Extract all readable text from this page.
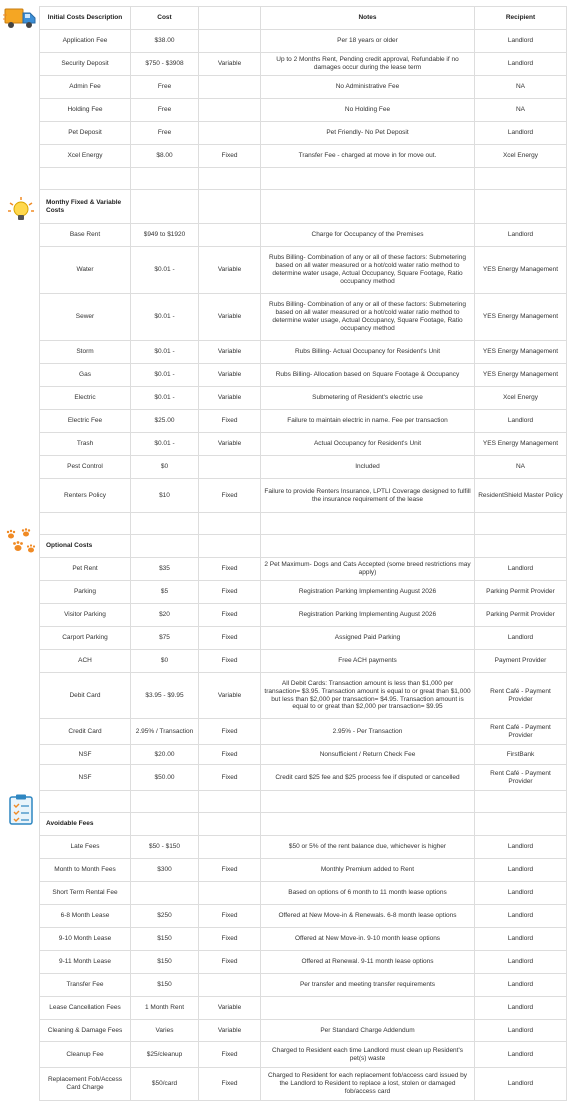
Initial Costs Description	Cost		Notes	Recipient
Application Fee	$38.00		Per 18 years or older	Landlord
Security Deposit	$750 - $3908	Variable	Up to 2 Months Rent, Pending credit approval, Refundable if no damages occur during the lease term	Landlord
Admin Fee	Free		No Administrative Fee	NA
Holding Fee	Free		No Holding Fee	NA
Pet Deposit	Free		Pet Friendly- No Pet Deposit	Landlord
Xcel Energy	$8.00	Fixed	Transfer Fee - charged at move in for move out.	Xcel Energy

Monthy Fixed & Variable Costs				
Base Rent	$949 to $1920		Charge for Occupancy of the Premises	Landlord
Water	$0.01 -	Variable	Rubs Billing- Combination of any or all of these factors: Submetering based on all water measured or a hot/cold water ratio method to determine water usage, Actual Occupancy, Square Footage, Ratio occupancy method	YES Energy Management
Sewer	$0.01 -	Variable	Rubs Billing- Combination of any or all of these factors: Submetering based on all water measured or a hot/cold water ratio method to determine water usage, Actual Occupancy, Square Footage, Ratio occupancy method	YES Energy Management
Storm	$0.01 -	Variable	Rubs Billing- Actual Occupancy for Resident's Unit	YES Energy Management
Gas	$0.01 -	Variable	Rubs Billing- Allocation based on Square Footage & Occupancy	YES Energy Management
Electric	$0.01 -	Variable	Submetering of Resident's electric use	Xcel Energy
Electric Fee	$25.00	Fixed	Failure to maintain electric in name. Fee per transaction	Landlord
Trash	$0.01 -	Variable	Actual Occupancy for Resident's Unit	YES Energy Management
Pest Control	$0		Included	NA
Renters Policy	$10	Fixed	Failure to provide Renters Insurance, LPTLI Coverage designed to fulfill the insurance requirement of the lease	ResidentShield Master Policy

Optional Costs				
Pet Rent	$35	Fixed	2 Pet Maximum- Dogs and Cats Accepted (some breed restrictions may apply)	Landlord
Parking	$5	Fixed	Registration Parking Implementing August 2026	Parking Permit Provider
Visitor Parking	$20	Fixed	Registration Parking Implementing August 2026	Parking Permit Provider
Carport Parking	$75	Fixed	Assigned Paid Parking	Landlord
ACH	$0	Fixed	Free ACH payments	Payment Provider
Debit Card	$3.95 - $9.95	Variable	All Debit Cards: Transaction amount is less than $1,000 per transaction= $3.95. Transaction amount is equal to or great than $1,000 but less than $2,000 per transaction= $4.95. Transaction amount is equal to or great than $2,000 per transaction= $9.95	Rent Café - Payment Provider
Credit Card	2.95% / Transaction	Fixed	2.95% - Per Transaction	Rent Café - Payment Provider
NSF	$20.00	Fixed	Nonsufficient / Return Check Fee	FirstBank
NSF	$50.00	Fixed	Credit card $25 fee and $25 process fee if disputed or cancelled	Rent Café - Payment Provider

Avoidable Fees				
Late Fees	$50 - $150		$50 or 5% of the rent balance due, whichever is higher	Landlord
Month to Month Fees	$300	Fixed	Monthly Premium added to Rent	Landlord
Short Term Rental Fee			Based on options of 6 month to 11 month lease options	Landlord
6-8 Month Lease	$250	Fixed	Offered at New Move-in & Renewals. 6-8 month lease options	Landlord
9-10 Month Lease	$150	Fixed	Offered at New Move-in. 9-10 month lease options	Landlord
9-11 Month Lease	$150	Fixed	Offered at Renewal. 9-11 month lease options	Landlord
Transfer Fee	$150		Per transfer and meeting transfer requirements	Landlord
Lease Cancellation Fees	1 Month Rent	Variable		Landlord
Cleaning & Damage Fees	Varies	Variable	Per Standard Charge Addendum	Landlord
Cleanup Fee	$25/cleanup	Fixed	Charged to Resident each time Landlord must clean up Resident's pet(s) waste	Landlord
Replacement Fob/Access Card Charge	$50/card	Fixed	Charged to Resident for each replacement fob/access card issued by the Landlord to Resident to replace a lost, stolen or damaged fob/access card	Landlord
